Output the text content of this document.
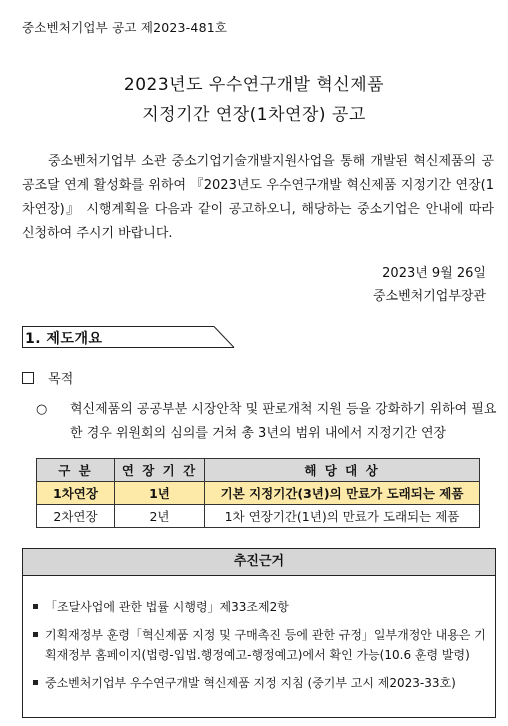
중소벤처기업부 공고 제2023-481호
2023년도 우수연구개발 혁신제품
지정기간 연장(1차연장) 공고

중소벤처기업부 소관 중소기업기술개발지원사업을 통해 개발된 혁신제품의 공공조달 연계 활성화를 위하여 『2023년도 우수연구개발 혁신제품 지정기간 연장(1차연장)』 시행계획을 다음과 같이 공고하오니, 해당하는 중소기업은 안내에 따라 신청하여 주시기 바랍니다.

2023년 9월 26일
중소벤처기업부장관
1. 제도개요
목적
○ 혁신제품의 공공부분 시장안착 및 판로개척 지원 등을 강화하기 위하여 필요한 경우 위원회의 심의를 거쳐 총 3년의 범위 내에서 지정기간 연장
구 분	연 장 기 간	해 당 대 상
1차연장	1년	기본 지정기간(3년)의 만료가 도래되는 제품
2차연장	2년	1차 연장기간(1년)의 만료가 도래되는 제품
추진근거
「조달사업에 관한 법률 시행령」제33조제2항
기획재정부 훈령「혁신제품 지정 및 구매촉진 등에 관한 규정」일부개정안 내용은 기획재정부 홈페이지(법령-입법.행정예고-행정예고)에서 확인 가능(10.6 훈령 발령)
중소벤처기업부 우수연구개발 혁신제품 지정 지침 (중기부 고시 제2023-33호)
